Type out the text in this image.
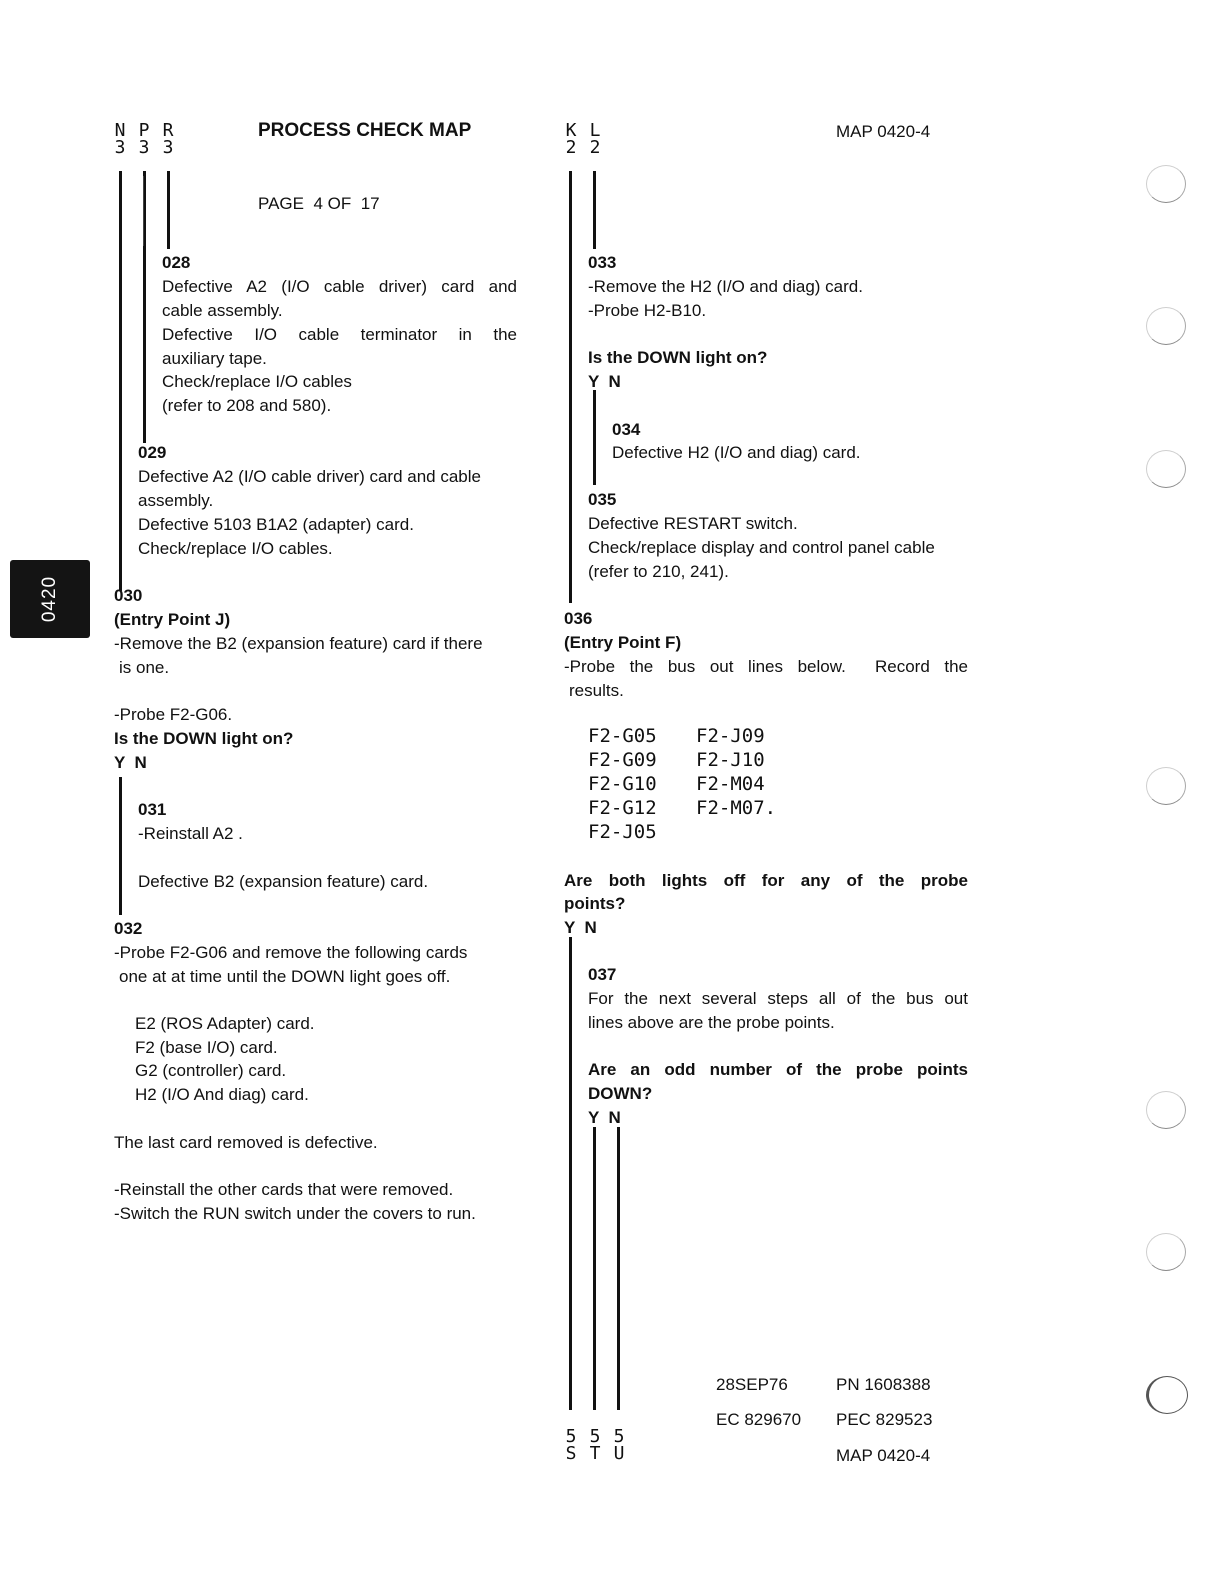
N
3
P
3
R
3
PROCESS CHECK MAP	K
2
L
2
MAP 0420-4
PAGE 4 OF 17
028
Defective A2 (I/O cable driver) card and
cable assembly.
Defective I/O cable terminator in the
auxiliary tape.
Check/replace I/O cables
(refer to 208 and 580).
029
Defective A2 (I/O cable driver) card and cable
assembly.
Defective 5103 B1A2 (adapter) card.
Check/replace I/O cables.
030
(Entry Point J)
-Remove the B2 (expansion feature) card if there
is one.
-Probe F2-G06.
Is the DOWN light on?
Y  N
031
-Reinstall A2 .
Defective B2 (expansion feature) card.
032
-Probe F2-G06 and remove the following cards
one at at time until the DOWN light goes off.
E2 (ROS Adapter) card.
F2 (base I/O) card.
G2 (controller) card.
H2 (I/O And diag) card.
The last card removed is defective.
-Reinstall the other cards that were removed.
-Switch the RUN switch under the covers to run.
033
-Remove the H2 (I/O and diag) card.
-Probe H2-B10.
Is the DOWN light on?
Y  N
034
Defective H2 (I/O and diag) card.
035
Defective RESTART switch.
Check/replace display and control panel cable
(refer to 210, 241).
036
(Entry Point F)
-Probe the bus out lines below.  Record the
results.
F2-G05
F2-G09
F2-G10
F2-G12
F2-J05
F2-J09
F2-J10
F2-M04
F2-M07.
Are both lights off for any of the probe
points?
Y  N
037
For the next several steps all of the bus out
lines above are the probe points.
Are an odd number of the probe points
DOWN?
Y  N
5
S
5
T
5
U
28SEP76	PN 1608388
EC 829670 PEC 829523
MAP 0420-4
0420
